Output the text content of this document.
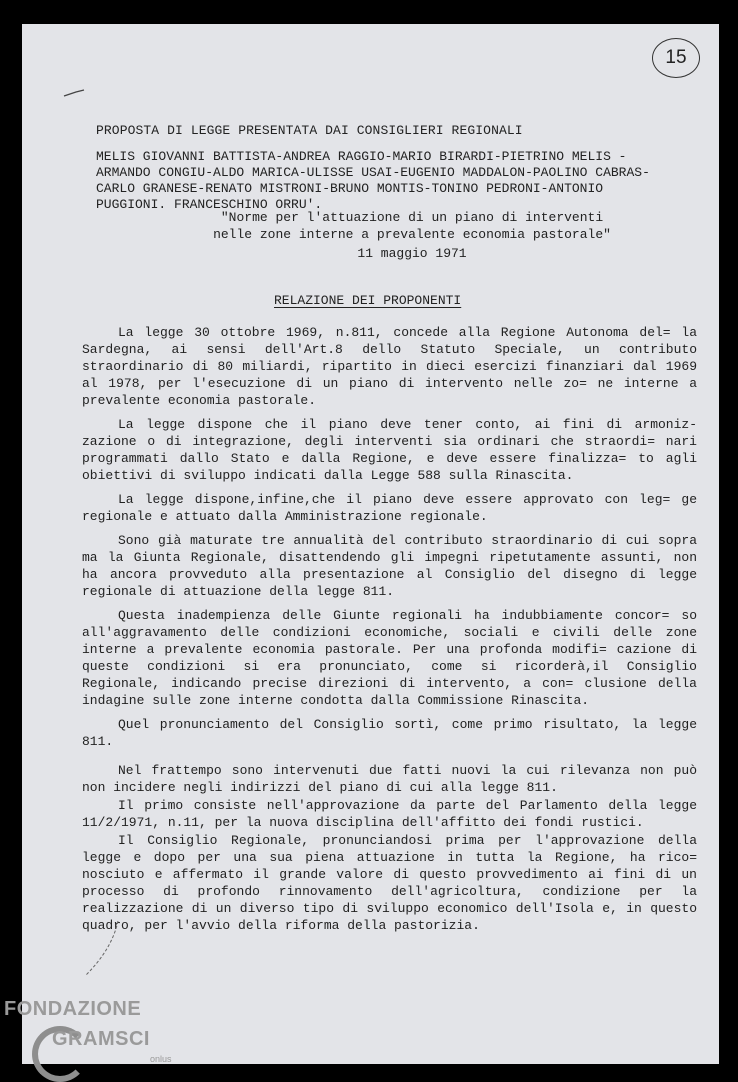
15
PROPOSTA DI LEGGE PRESENTATA DAI CONSIGLIERI REGIONALI
MELIS GIOVANNI BATTISTA-ANDREA RAGGIO-MARIO BIRARDI-PIETRINO MELIS -
ARMANDO CONGIU-ALDO MARICA-ULISSE USAI-EUGENIO MADDALON-PAOLINO CABRAS-
CARLO GRANESE-RENATO MISTRONI-BRUNO MONTIS-TONINO PEDRONI-ANTONIO
PUGGIONI. FRANCESCHINO ORRU'.
"Norme per l'attuazione di un piano di interventi
nelle zone interne a prevalente economia pastorale"
11 maggio 1971
RELAZIONE DEI PROPONENTI

La legge 30 ottobre 1969, n.811, concede alla Regione Autonoma del= la Sardegna, ai sensi dell'Art.8 dello Statuto Speciale, un contributo straordinario di 80 miliardi, ripartito in dieci esercizi finanziari dal 1969 al 1978, per l'esecuzione di un piano di intervento nelle zo= ne interne a prevalente economia pastorale.

La legge dispone che il piano deve tener conto, ai fini di armoniz- zazione o di integrazione, degli interventi sia ordinari che straordi= nari programmati dallo Stato e dalla Regione, e deve essere finalizza= to agli obiettivi di sviluppo indicati dalla Legge 588 sulla Rinascita.

La legge dispone,infine,che il piano deve essere approvato con leg= ge regionale e attuato dalla Amministrazione regionale.

Sono già maturate tre annualità del contributo straordinario di cui sopra ma la Giunta Regionale, disattendendo gli impegni ripetutamente assunti, non ha ancora provveduto alla presentazione al Consiglio del disegno di legge regionale di attuazione della legge 811.

Questa inadempienza delle Giunte regionali ha indubbiamente concor= so all'aggravamento delle condizioni economiche, sociali e civili delle zone interne a prevalente economia pastorale. Per una profonda modifi= cazione di queste condizioni si era pronunciato, come si ricorderà,il Consiglio Regionale, indicando precise direzioni di intervento, a con= clusione della indagine sulle zone interne condotta dalla Commissione Rinascita.

Quel pronunciamento del Consiglio sortì, come primo risultato, la legge 811.

Nel frattempo sono intervenuti due fatti nuovi la cui rilevanza non può non incidere negli indirizzi del piano di cui alla legge 811.

Il primo consiste nell'approvazione da parte del Parlamento della legge 11/2/1971, n.11, per la nuova disciplina dell'affitto dei fondi rustici.

Il Consiglio Regionale, pronunciandosi prima per l'approvazione della legge e dopo per una sua piena attuazione in tutta la Regione, ha rico= nosciuto e affermato il grande valore di questo provvedimento ai fini di un processo di profondo rinnovamento dell'agricoltura, condizione per la realizzazione di un diverso tipo di sviluppo economico dell'Isola e, in questo quadro, per l'avvio della riforma della pastorizia.

FONDAZIONE
GRAMSCI
onlus
